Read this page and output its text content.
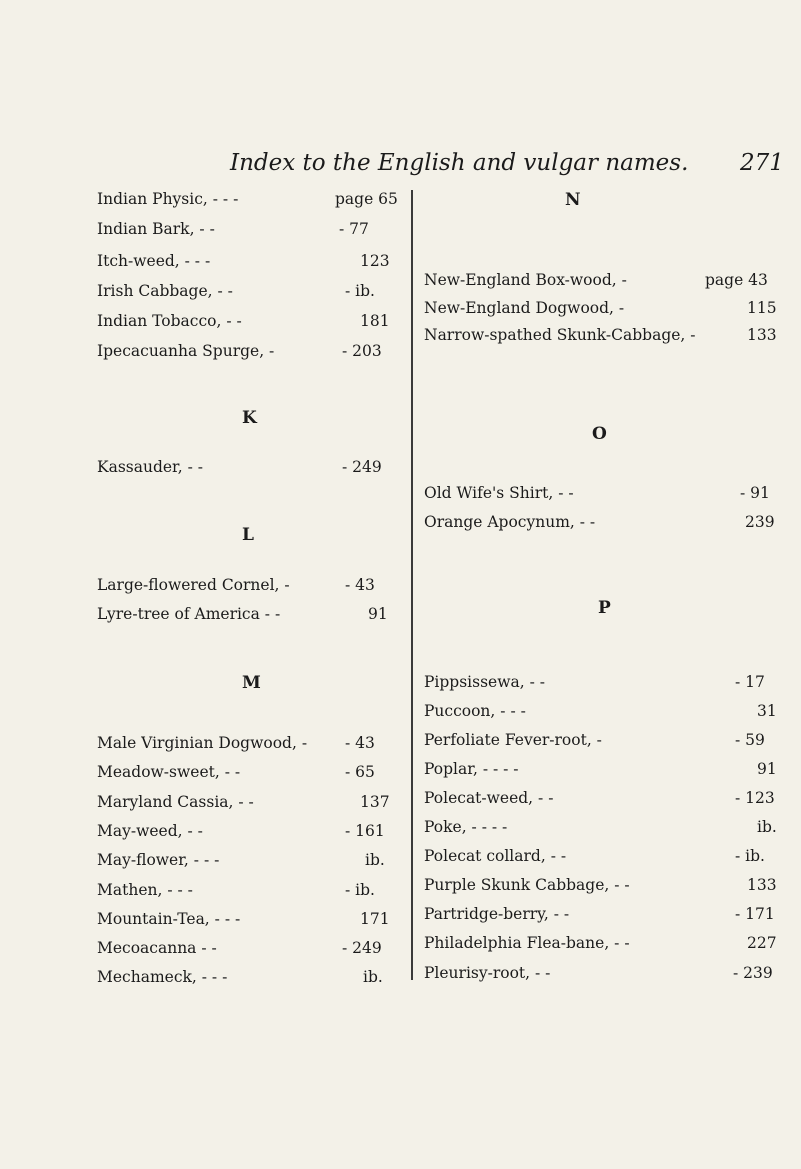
Index to the English and vulgar names. 271
Indian Physic, - - -	page 65
Indian Bark, - -	- 77
Itch-weed, - - -	123
Irish Cabbage, - -	- ib.
Indian Tobacco, - -	181
Ipecacuanha Spurge, -	- 203
K
Kassauder, - -	- 249
L
Large-flowered Cornel, -	- 43
Lyre-tree of America - -	91
M
Male Virginian Dogwood, - - 43
Meadow-sweet, - -	- 65
Maryland Cassia, - -	137
May-weed, - -	- 161
May-flower, - - -	ib.
Mathen, - - -	- ib.
Mountain-Tea, - - -	171
Mecoacanna - -	- 249
Mechameck, - - -	ib.
N
New-England Box-wood, -	page 43
New-England Dogwood, -	115
Narrow-spathed Skunk-Cabbage, -	133
O
Old Wife's Shirt, - -	- 91
Orange Apocynum, - -	239
P
Pippsissewa, - -	- 17
Puccoon, - - -	31
Perfoliate Fever-root, -	- 59
Poplar, - - - -	91
Polecat-weed, - -	- 123
Poke, - - - -	ib.
Polecat collard, - -	- ib.
Purple Skunk Cabbage, - -	133
Partridge-berry, - -	- 171
Philadelphia Flea-bane, - -	227
Pleurisy-root, - -	- 239
